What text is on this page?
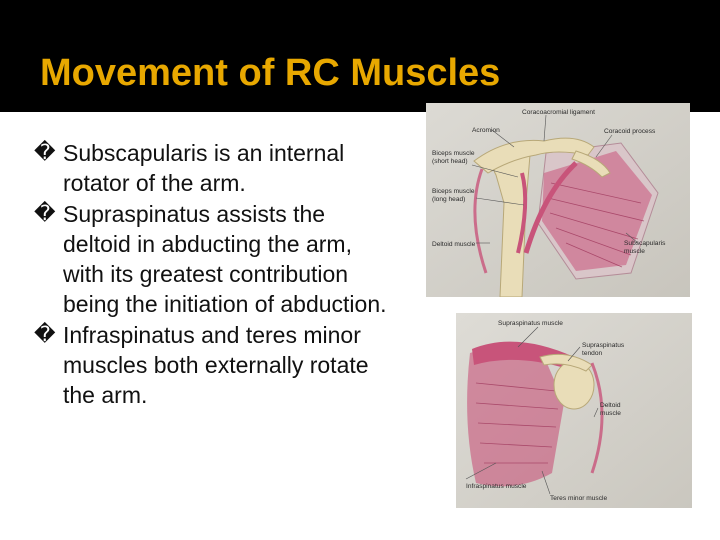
Movement of RC Muscles
� Subscapularis is an internal rotator of the arm.
� Supraspinatus assists the deltoid in abducting the arm, with its greatest contribution being the initiation of abduction.
� Infraspinatus and teres minor muscles both externally rotate the arm.
Coracoacromial ligament
Acromion	Coracoid process
Biceps muscle
(short head)
Biceps muscle
(long head)
Deltoid muscle	Subscapularis
muscle
Supraspinatus muscle
Supraspinatus
tendon
Deltoid
muscle
Infraspinatus muscle
Teres minor muscle
